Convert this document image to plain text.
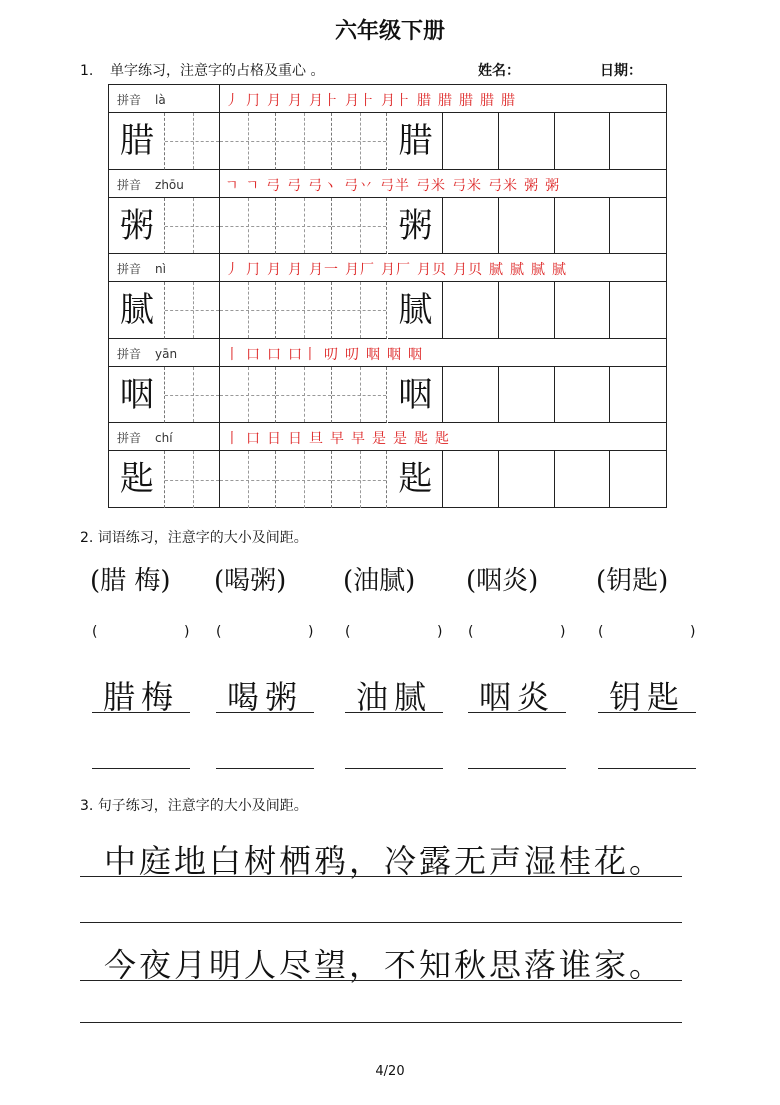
六年级下册
1. 单字练习，注意字的占格及重心 。	姓名：	日期：
拼音 là	丿 ⺆ 月 月 月⺊ 月⺊ 月⺊ 腊 腊 腊 腊 腊
腊	腊
拼音 zhōu	ㄱ ㄱ 弓 弓 弓ヽ 弓丷 弓半 弓米 弓米 弓米 粥 粥
粥	粥
拼音 nì	丿 ⺆ 月 月 月一 月厂 月厂 月贝 月贝 腻 腻 腻 腻
腻	腻
拼音 yān	丨 口 口 口丨 叨 叨 咽 咽 咽
咽	咽
拼音 chí	丨 口 日 日 旦 早 早 是 是 匙 匙
匙	匙
2. 词语练习，注意字的大小及间距。
(腊 梅)
(	)
腊梅
(喝粥)
(	)
喝粥
(油腻)
(	)
油腻
(咽炎)
(	)
咽炎
(钥匙)
(	)
钥匙
3. 句子练习，注意字的大小及间距。
中庭地白树栖鸦，冷露无声湿桂花。
今夜月明人尽望，不知秋思落谁家。
4/20
